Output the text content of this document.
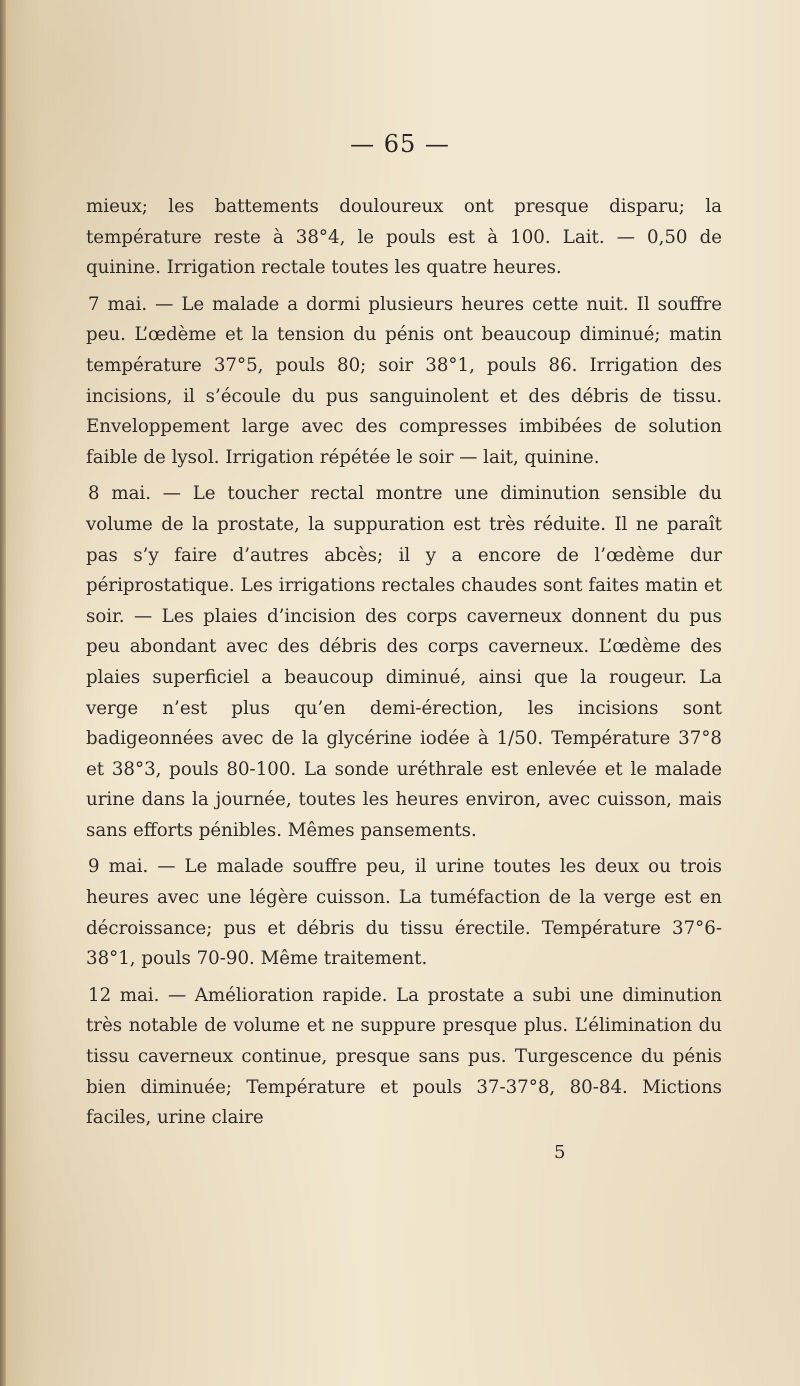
— 65 —

mieux; les battements douloureux ont presque disparu; la température reste à 38°4, le pouls est à 100. Lait. — 0,50 de quinine. Irrigation rectale toutes les quatre heures.

7 mai. — Le malade a dormi plusieurs heures cette nuit. Il souffre peu. L’œdème et la tension du pénis ont beaucoup diminué; matin température 37°5, pouls 80; soir 38°1, pouls 86. Irrigation des incisions, il s’écoule du pus sanguinolent et des débris de tissu. Enveloppement large avec des compresses imbibées de solution faible de lysol. Irrigation répétée le soir — lait, quinine.

8 mai. — Le toucher rectal montre une diminution sensible du volume de la prostate, la suppuration est très réduite. Il ne paraît pas s’y faire d’autres abcès; il y a encore de l’œdème dur périprostatique. Les irrigations rectales chaudes sont faites matin et soir. — Les plaies d’incision des corps caverneux donnent du pus peu abondant avec des débris des corps caverneux. L’œdème des plaies superficiel a beaucoup diminué, ainsi que la rougeur. La verge n’est plus qu’en demi-érection, les incisions sont badigeonnées avec de la glycérine iodée à 1/50. Température 37°8 et 38°3, pouls 80-100. La sonde uréthrale est enlevée et le malade urine dans la journée, toutes les heures environ, avec cuisson, mais sans efforts pénibles. Mêmes pansements.

9 mai. — Le malade souffre peu, il urine toutes les deux ou trois heures avec une légère cuisson. La tuméfaction de la verge est en décroissance; pus et débris du tissu érectile. Température 37°6-38°1, pouls 70-90. Même traitement.

12 mai. — Amélioration rapide. La prostate a subi une diminution très notable de volume et ne suppure presque plus. L’élimination du tissu caverneux continue, presque sans pus. Turgescence du pénis bien diminuée; Température et pouls 37-37°8, 80-84. Mictions faciles, urine claire

5
